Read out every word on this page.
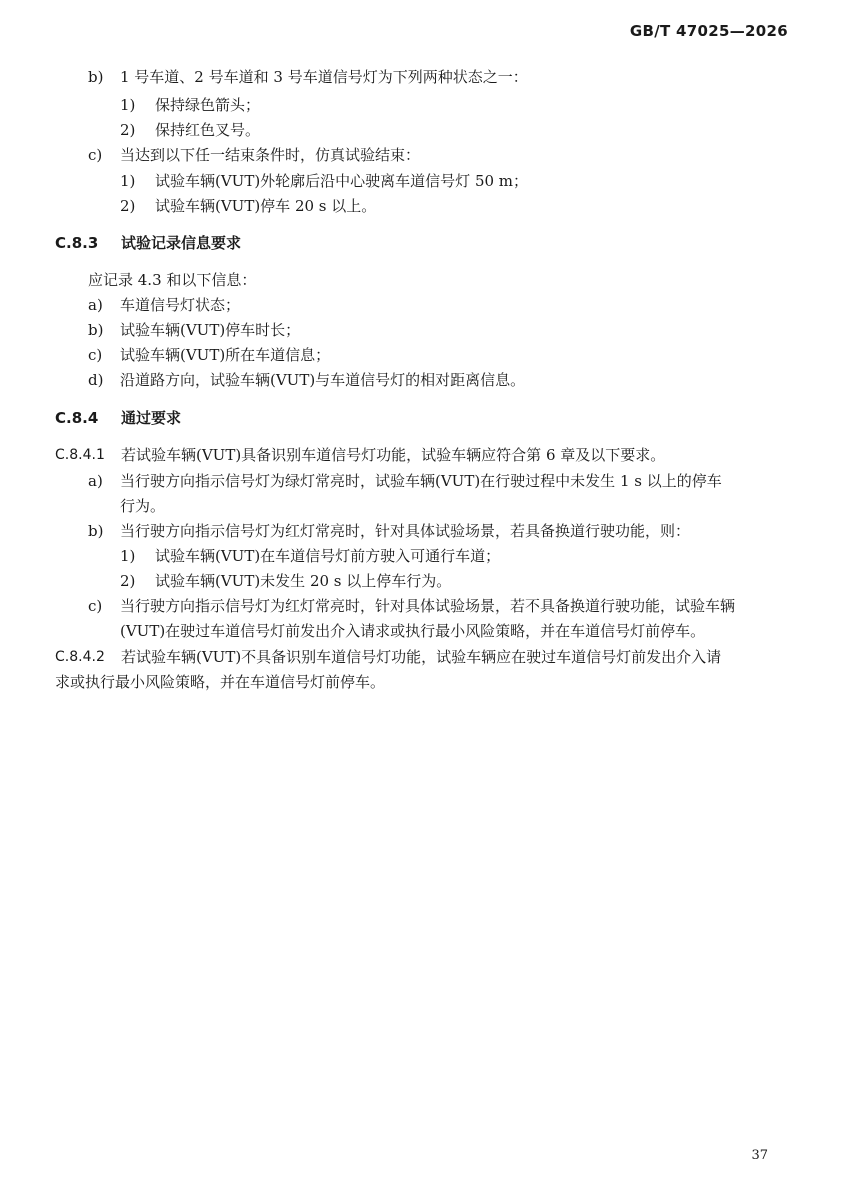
GB/T 47025—2026
b) 1 号车道、2 号车道和 3 号车道信号灯为下列两种状态之一：
1) 保持绿色箭头；
2) 保持红色叉号。
c) 当达到以下任一结束条件时，仿真试验结束：
1) 试验车辆(VUT)外轮廓后沿中心驶离车道信号灯 50 m；
2) 试验车辆(VUT)停车 20 s 以上。
C.8.3 试验记录信息要求
应记录 4.3 和以下信息：
a) 车道信号灯状态；
b) 试验车辆(VUT)停车时长；
c) 试验车辆(VUT)所在车道信息；
d) 沿道路方向，试验车辆(VUT)与车道信号灯的相对距离信息。
C.8.4 通过要求
C.8.4.1 若试验车辆(VUT)具备识别车道信号灯功能，试验车辆应符合第 6 章及以下要求。
a) 当行驶方向指示信号灯为绿灯常亮时，试验车辆(VUT)在行驶过程中未发生 1 s 以上的停车
行为。
b) 当行驶方向指示信号灯为红灯常亮时，针对具体试验场景，若具备换道行驶功能，则：
1) 试验车辆(VUT)在车道信号灯前方驶入可通行车道；
2) 试验车辆(VUT)未发生 20 s 以上停车行为。
c) 当行驶方向指示信号灯为红灯常亮时，针对具体试验场景，若不具备换道行驶功能，试验车辆
(VUT)在驶过车道信号灯前发出介入请求或执行最小风险策略，并在车道信号灯前停车。
C.8.4.2 若试验车辆(VUT)不具备识别车道信号灯功能，试验车辆应在驶过车道信号灯前发出介入请
求或执行最小风险策略，并在车道信号灯前停车。
37
